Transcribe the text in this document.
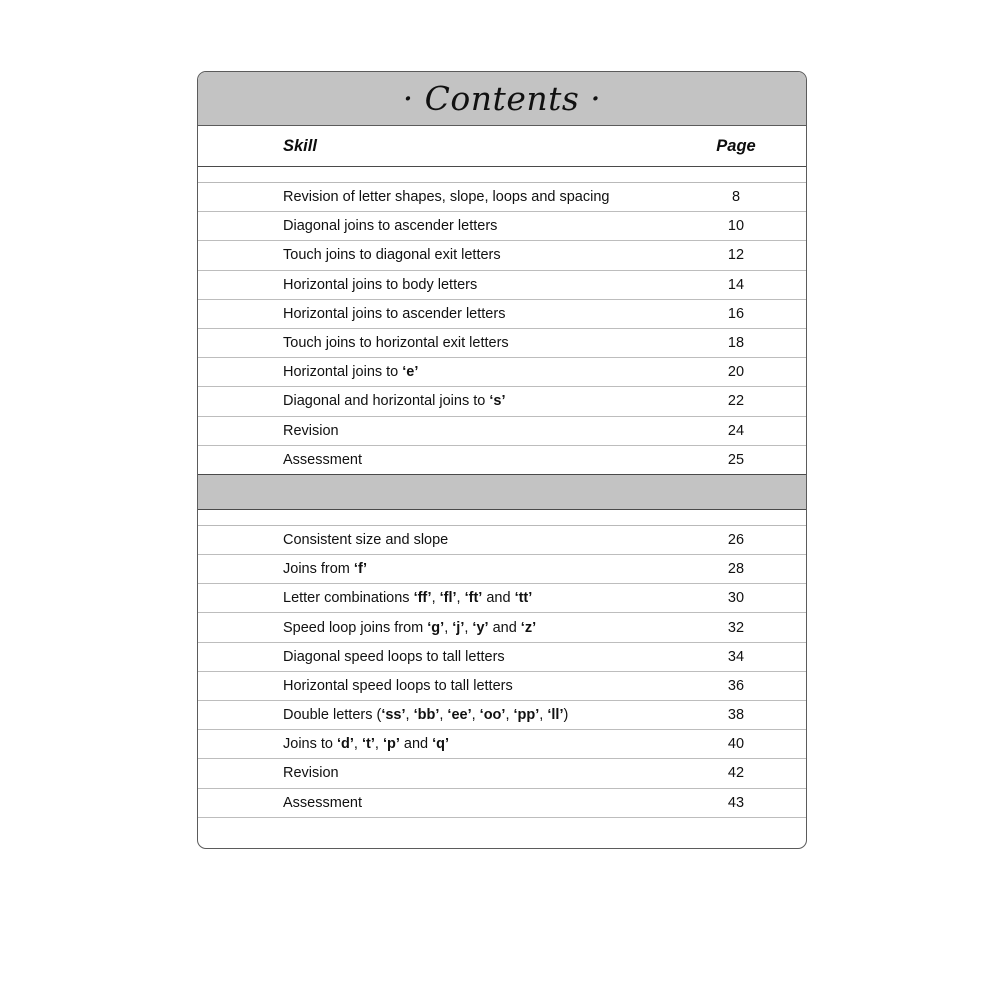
· Contents ·
Skill	Page
Revision of letter shapes, slope, loops and spacing	8
Diagonal joins to ascender letters	10
Touch joins to diagonal exit letters	12
Horizontal joins to body letters	14
Horizontal joins to ascender letters	16
Touch joins to horizontal exit letters	18
Horizontal joins to ‘e’	20
Diagonal and horizontal joins to ‘s’	22
Revision	24
Assessment	25
Consistent size and slope	26
Joins from ‘f’	28
Letter combinations ‘ff’, ‘fl’, ‘ft’ and ‘tt’	30
Speed loop joins from ‘g’, ‘j’, ‘y’ and ‘z’	32
Diagonal speed loops to tall letters	34
Horizontal speed loops to tall letters	36
Double letters (‘ss’, ‘bb’, ‘ee’, ‘oo’, ‘pp’, ‘ll’)	38
Joins to ‘d’, ‘t’, ‘p’ and ‘q’	40
Revision	42
Assessment	43
